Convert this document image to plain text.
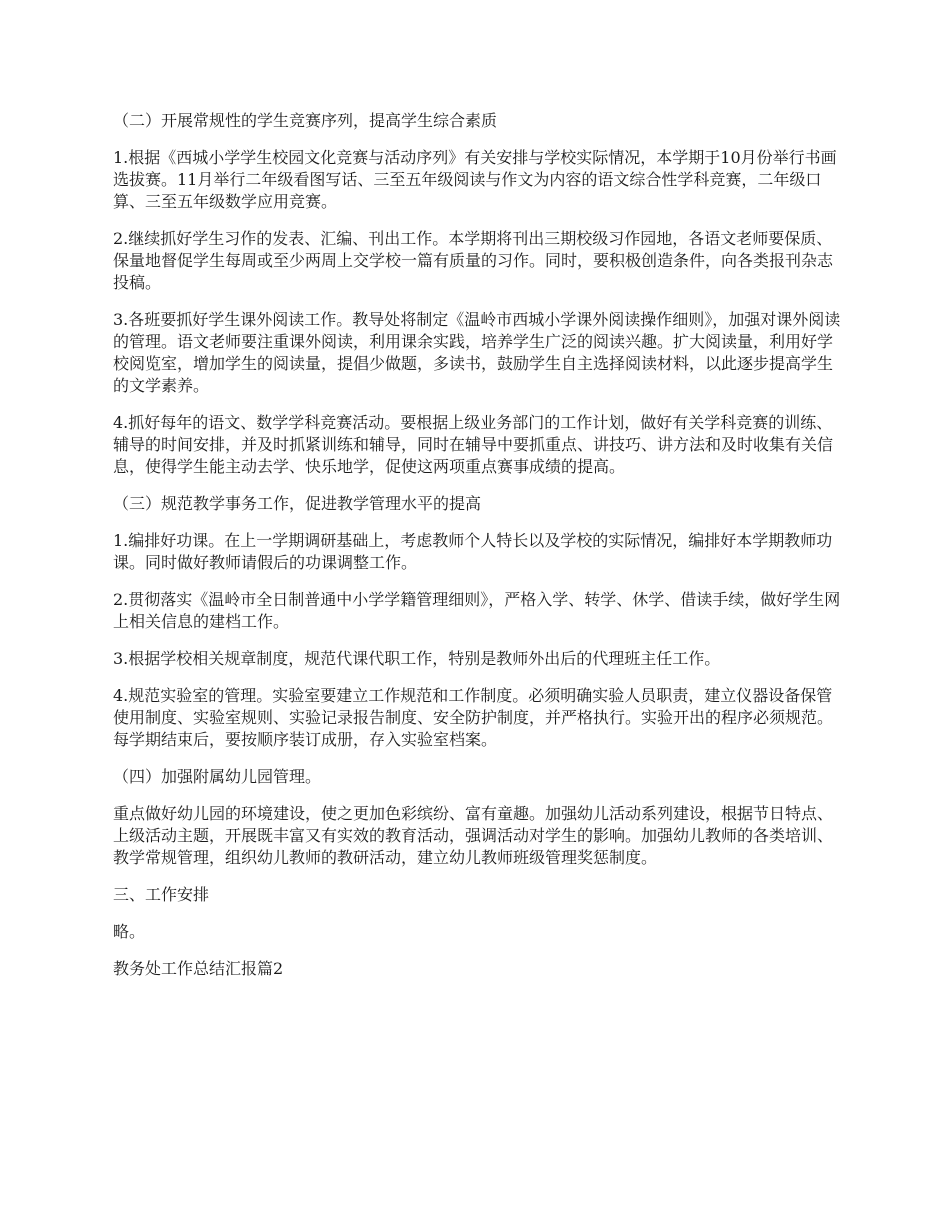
（二）开展常规性的学生竞赛序列，提高学生综合素质

1.根据《西城小学学生校园文化竞赛与活动序列》有关安排与学校实际情况，本学期于10月份举行书画选拔赛。11月举行二年级看图写话、三至五年级阅读与作文为内容的语文综合性学科竞赛，二年级口算、三至五年级数学应用竞赛。

2.继续抓好学生习作的发表、汇编、刊出工作。本学期将刊出三期校级习作园地，各语文老师要保质、保量地督促学生每周或至少两周上交学校一篇有质量的习作。同时，要积极创造条件，向各类报刊杂志投稿。

3.各班要抓好学生课外阅读工作。教导处将制定《温岭市西城小学课外阅读操作细则》，加强对课外阅读的管理。语文老师要注重课外阅读，利用课余实践，培养学生广泛的阅读兴趣。扩大阅读量，利用好学校阅览室，增加学生的阅读量，提倡少做题，多读书，鼓励学生自主选择阅读材料，以此逐步提高学生的文学素养。

4.抓好每年的语文、数学学科竞赛活动。要根据上级业务部门的工作计划，做好有关学科竞赛的训练、辅导的时间安排，并及时抓紧训练和辅导，同时在辅导中要抓重点、讲技巧、讲方法和及时收集有关信息，使得学生能主动去学、快乐地学，促使这两项重点赛事成绩的提高。

（三）规范教学事务工作，促进教学管理水平的提高

1.编排好功课。在上一学期调研基础上，考虑教师个人特长以及学校的实际情况，编排好本学期教师功课。同时做好教师请假后的功课调整工作。

2.贯彻落实《温岭市全日制普通中小学学籍管理细则》，严格入学、转学、休学、借读手续，做好学生网上相关信息的建档工作。

3.根据学校相关规章制度，规范代课代职工作，特别是教师外出后的代理班主任工作。

4.规范实验室的管理。实验室要建立工作规范和工作制度。必须明确实验人员职责，建立仪器设备保管使用制度、实验室规则、实验记录报告制度、安全防护制度，并严格执行。实验开出的程序必须规范。每学期结束后，要按顺序装订成册，存入实验室档案。

（四）加强附属幼儿园管理。

重点做好幼儿园的环境建设，使之更加色彩缤纷、富有童趣。加强幼儿活动系列建设，根据节日特点、上级活动主题，开展既丰富又有实效的教育活动，强调活动对学生的影响。加强幼儿教师的各类培训、教学常规管理，组织幼儿教师的教研活动，建立幼儿教师班级管理奖惩制度。

三、工作安排

略。

教务处工作总结汇报篇2
